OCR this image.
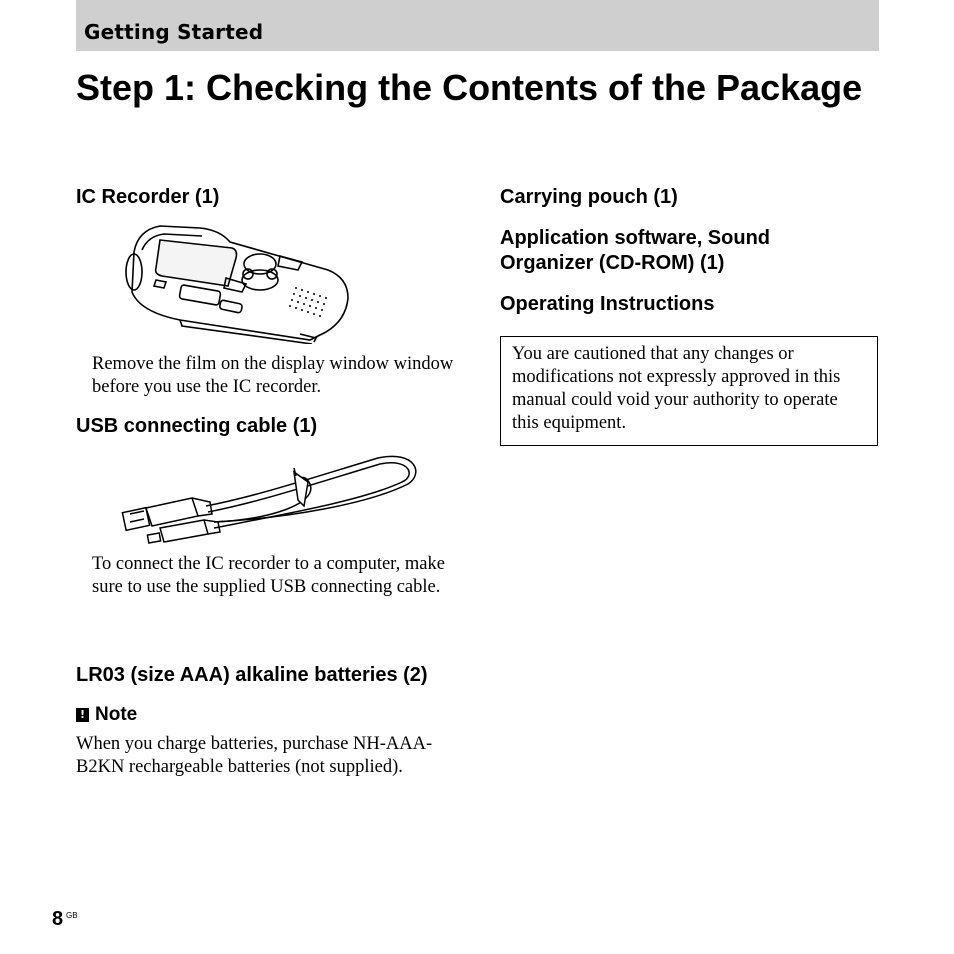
Getting Started
Step 1: Checking the Contents of the Package
IC Recorder (1)

Remove the film on the display window window before you use the IC recorder.

USB connecting cable (1)

To connect the IC recorder to a computer, make sure to use the supplied USB connecting cable.

LR03 (size AAA) alkaline batteries (2)
! Note

When you charge batteries, purchase NH-AAA-B2KN rechargeable batteries (not supplied).

Carrying pouch (1)
Application software, Sound Organizer (CD-ROM) (1)
Operating Instructions
You are cautioned that any changes or modifications not expressly approved in this manual could void your authority to operate this equipment.
8 GB
